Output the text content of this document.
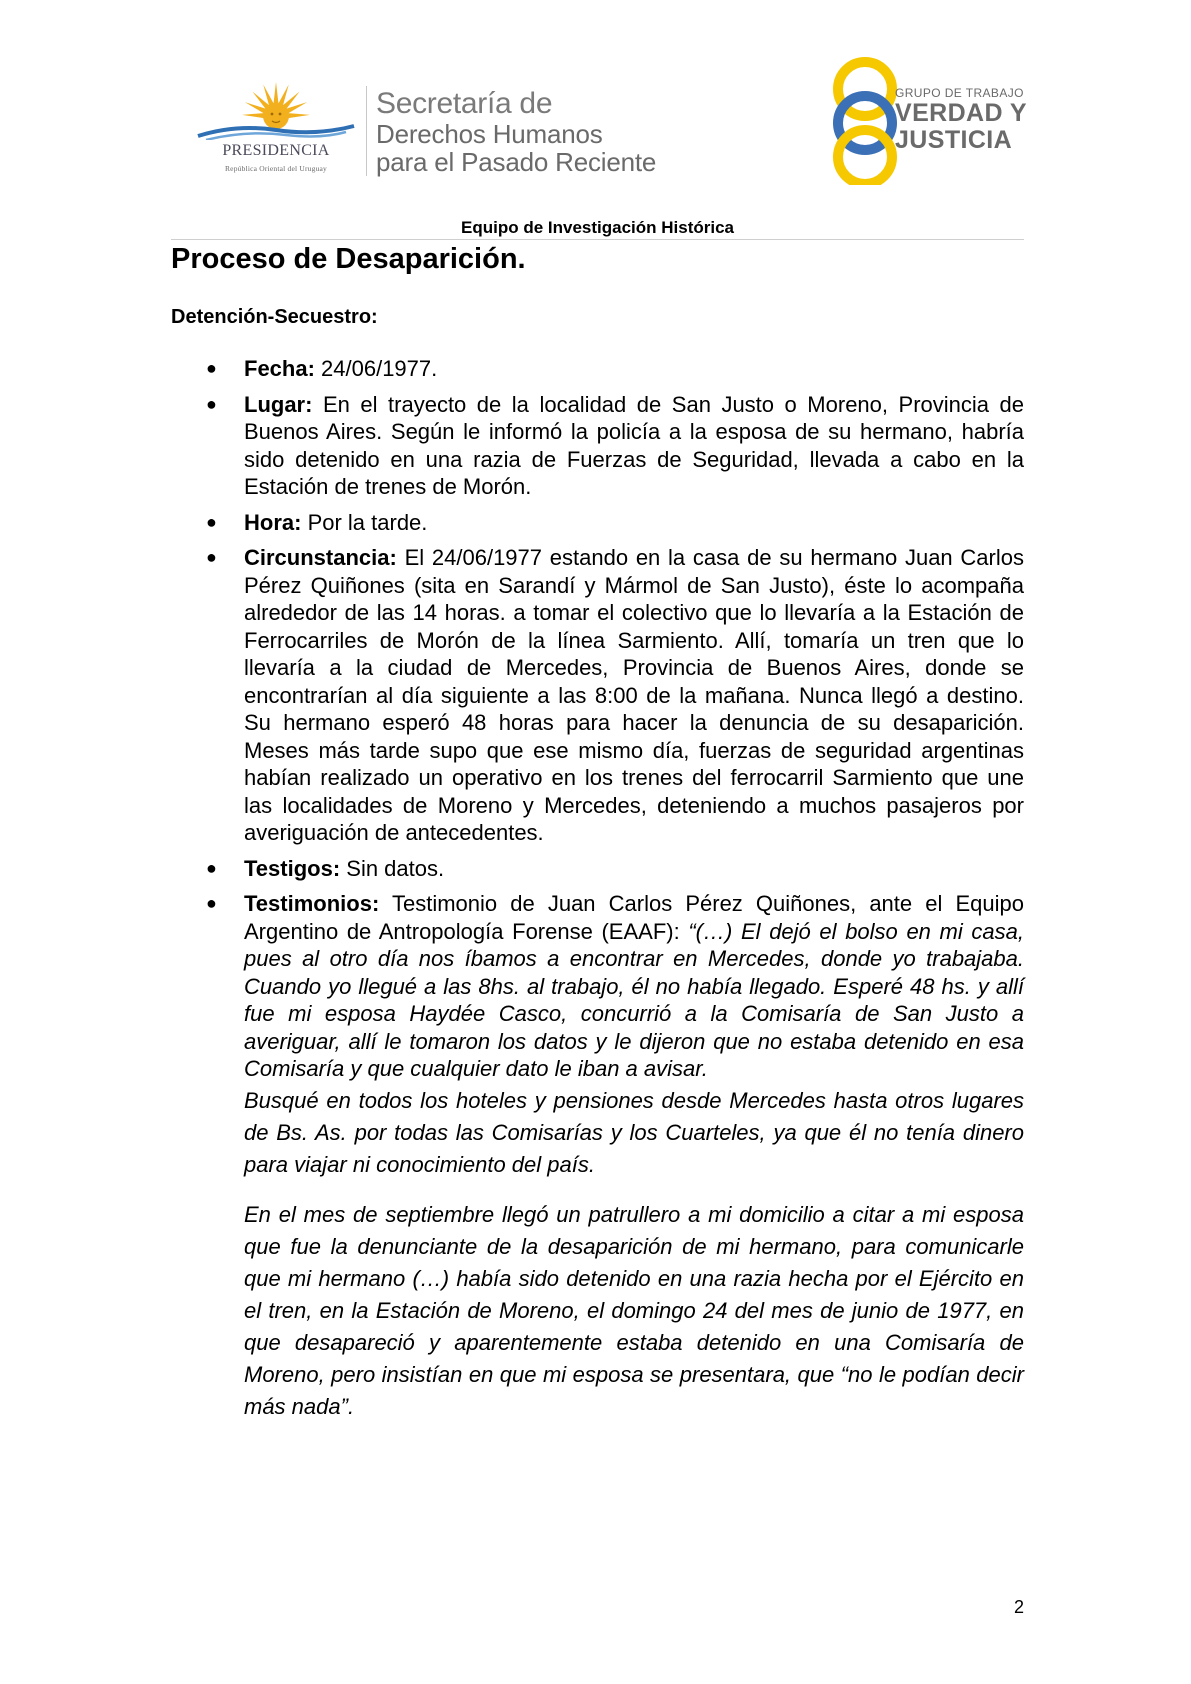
PRESIDENCIA
República Oriental del Uruguay
Secretaría de
Derechos Humanos
para el Pasado Reciente
GRUPO DE TRABAJO
VERDAD Y
JUSTICIA
Equipo de Investigación Histórica
Proceso de Desaparición.
Detención-Secuestro:
● Fecha: 24/06/1977.
● Lugar: En el trayecto de la localidad de San Justo o Moreno, Provincia de Buenos Aires. Según le informó la policía a la esposa de su hermano, habría sido detenido en una razia de Fuerzas de Seguridad, llevada a cabo en la Estación de trenes de Morón.
● Hora: Por la tarde.
● Circunstancia: El 24/06/1977 estando en la casa de su hermano Juan Carlos Pérez Quiñones (sita en Sarandí y Mármol de San Justo), éste lo acompaña alrededor de las 14 horas. a tomar el colectivo que lo llevaría a la Estación de Ferrocarriles de Morón de la línea Sarmiento. Allí, tomaría un tren que lo llevaría a la ciudad de Mercedes, Provincia de Buenos Aires, donde se encontrarían al día siguiente a las 8:00 de la mañana. Nunca llegó a destino. Su hermano esperó 48 horas para hacer la denuncia de su desaparición. Meses más tarde supo que ese mismo día, fuerzas de seguridad argentinas habían realizado un operativo en los trenes del ferrocarril Sarmiento que une las localidades de Moreno y Mercedes, deteniendo a muchos pasajeros por averiguación de antecedentes.
● Testigos: Sin datos.
● Testimonios: Testimonio de Juan Carlos Pérez Quiñones, ante el Equipo Argentino de Antropología Forense (EAAF): “(…) El dejó el bolso en mi casa, pues al otro día nos íbamos a encontrar en Mercedes, donde yo trabajaba. Cuando yo llegué a las 8hs. al trabajo, él no había llegado. Esperé 48 hs. y allí fue mi esposa Haydée Casco, concurrió a la Comisaría de San Justo a averiguar, allí le tomaron los datos y le dijeron que no estaba detenido en esa Comisaría y que cualquier dato le iban a avisar.

Busqué en todos los hoteles y pensiones desde Mercedes hasta otros lugares de Bs. As. por todas las Comisarías y los Cuarteles, ya que él no tenía dinero para viajar ni conocimiento del país.

En el mes de septiembre llegó un patrullero a mi domicilio a citar a mi esposa que fue la denunciante de la desaparición de mi hermano, para comunicarle que mi hermano (…) había sido detenido en una razia hecha por el Ejército en el tren, en la Estación de Moreno, el domingo 24 del mes de junio de 1977, en que desapareció y aparentemente estaba detenido en una Comisaría de Moreno, pero insistían en que mi esposa se presentara, que “no le podían decir más nada”.

2
